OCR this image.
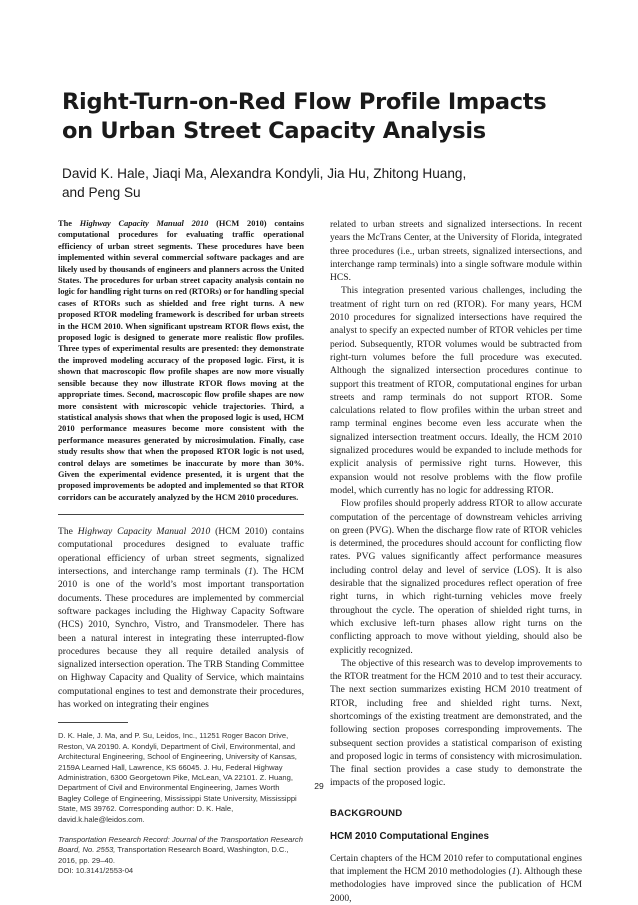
Right-Turn-on-Red Flow Profile Impacts on Urban Street Capacity Analysis

David K. Hale, Jiaqi Ma, Alexandra Kondyli, Jia Hu, Zhitong Huang, and Peng Su

The Highway Capacity Manual 2010 (HCM 2010) contains computational procedures for evaluating traffic operational efficiency of urban street segments. These procedures have been implemented within several commercial software packages and are likely used by thousands of engineers and planners across the United States. The procedures for urban street capacity analysis contain no logic for handling right turns on red (RTORs) or for handling special cases of RTORs such as shielded and free right turns. A new proposed RTOR modeling framework is described for urban streets in the HCM 2010. When significant upstream RTOR flows exist, the proposed logic is designed to generate more realistic flow profiles. Three types of experimental results are presented: they demonstrate the improved modeling accuracy of the proposed logic. First, it is shown that macroscopic flow profile shapes are now more visually sensible because they now illustrate RTOR flows moving at the appropriate times. Second, macroscopic flow profile shapes are now more consistent with microscopic vehicle trajectories. Third, a statistical analysis shows that when the proposed logic is used, HCM 2010 performance measures become more consistent with the performance measures generated by microsimulation. Finally, case study results show that when the proposed RTOR logic is not used, control delays are sometimes be inaccurate by more than 30%. Given the experimental evidence presented, it is urgent that the proposed improvements be adopted and implemented so that RTOR corridors can be accurately analyzed by the HCM 2010 procedures.

The Highway Capacity Manual 2010 (HCM 2010) contains computational procedures designed to evaluate traffic operational efficiency of urban street segments, signalized intersections, and interchange ramp terminals (1). The HCM 2010 is one of the world’s most important transportation documents. These procedures are implemented by commercial software packages including the Highway Capacity Software (HCS) 2010, Synchro, Vistro, and Transmodeler. There has been a natural interest in integrating these interrupted-flow procedures because they all require detailed analysis of signalized intersection operation. The TRB Standing Committee on Highway Capacity and Quality of Service, which maintains computational engines to test and demonstrate their procedures, has worked on integrating their engines

D. K. Hale, J. Ma, and P. Su, Leidos, Inc., 11251 Roger Bacon Drive, Reston, VA 20190. A. Kondyli, Department of Civil, Environmental, and Architectural Engineering, School of Engineering, University of Kansas, 2159A Learned Hall, Lawrence, KS 66045. J. Hu, Federal Highway Administration, 6300 Georgetown Pike, McLean, VA 22101. Z. Huang, Department of Civil and Environmental Engineering, James Worth Bagley College of Engineering, Mississippi State University, Mississippi State, MS 39762. Corresponding author: D. K. Hale, david.k.hale@leidos.com.

Transportation Research Record: Journal of the Transportation Research Board, No. 2553, Transportation Research Board, Washington, D.C., 2016, pp. 29–40.
DOI: 10.3141/2553-04

related to urban streets and signalized intersections. In recent years the McTrans Center, at the University of Florida, integrated three procedures (i.e., urban streets, signalized intersections, and interchange ramp terminals) into a single software module within HCS.

This integration presented various challenges, including the treatment of right turn on red (RTOR). For many years, HCM 2010 procedures for signalized intersections have required the analyst to specify an expected number of RTOR vehicles per time period. Subsequently, RTOR volumes would be subtracted from right-turn volumes before the full procedure was executed. Although the signalized intersection procedures continue to support this treatment of RTOR, computational engines for urban streets and ramp terminals do not support RTOR. Some calculations related to flow profiles within the urban street and ramp terminal engines become even less accurate when the signalized intersection treatment occurs. Ideally, the HCM 2010 signalized procedures would be expanded to include methods for explicit analysis of permissive right turns. However, this expansion would not resolve problems with the flow profile model, which currently has no logic for addressing RTOR.

Flow profiles should properly address RTOR to allow accurate computation of the percentage of downstream vehicles arriving on green (PVG). When the discharge flow rate of RTOR vehicles is determined, the procedures should account for conflicting flow rates. PVG values significantly affect performance measures including control delay and level of service (LOS). It is also desirable that the signalized procedures reflect operation of free right turns, in which right-turning vehicles move freely throughout the cycle. The operation of shielded right turns, in which exclusive left-turn phases allow right turns on the conflicting approach to move without yielding, should also be explicitly recognized.

The objective of this research was to develop improvements to the RTOR treatment for the HCM 2010 and to test their accuracy. The next section summarizes existing HCM 2010 treatment of RTOR, including free and shielded right turns. Next, shortcomings of the existing treatment are demonstrated, and the following section proposes corresponding improvements. The subsequent section provides a statistical comparison of existing and proposed logic in terms of consistency with microsimulation. The final section provides a case study to demonstrate the impacts of the proposed logic.

BACKGROUND
HCM 2010 Computational Engines

Certain chapters of the HCM 2010 refer to computational engines that implement the HCM 2010 methodologies (1). Although these methodologies have improved since the publication of HCM 2000,

29
